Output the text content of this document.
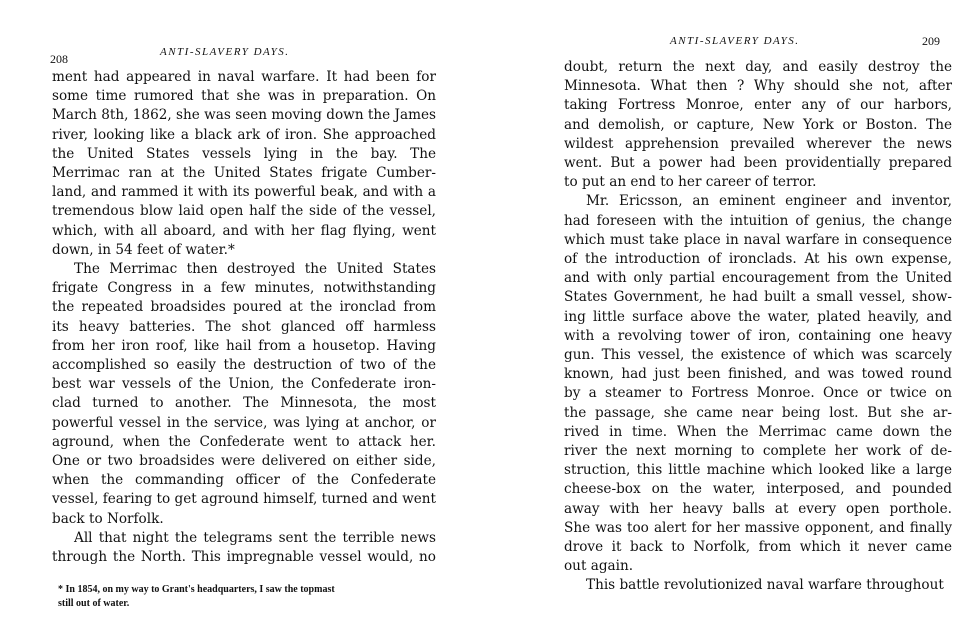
208	ANTI-SLAVERY DAYS.
ment had appeared in naval warfare. It had been for
some time rumored that she was in preparation. On
March 8th, 1862, she was seen moving down the James
river, looking like a black ark of iron. She approached
the United States vessels lying in the bay. The
Merrimac ran at the United States frigate Cumber-
land, and rammed it with its powerful beak, and with a
tremendous blow laid open half the side of the vessel,
which, with all aboard, and with her flag flying, went
down, in 54 feet of water.*
The Merrimac then destroyed the United States
frigate Congress in a few minutes, notwithstanding
the repeated broadsides poured at the ironclad from
its heavy batteries. The shot glanced off harmless
from her iron roof, like hail from a housetop. Having
accomplished so easily the destruction of two of the
best war vessels of the Union, the Confederate iron-
clad turned to another. The Minnesota, the most
powerful vessel in the service, was lying at anchor, or
aground, when the Confederate went to attack her.
One or two broadsides were delivered on either side,
when the commanding officer of the Confederate
vessel, fearing to get aground himself, turned and went
back to Norfolk.
All that night the telegrams sent the terrible news
through the North. This impregnable vessel would, no
* In 1854, on my way to Grant's headquarters, I saw the topmast
still out of water.
ANTI-SLAVERY DAYS.	209
doubt, return the next day, and easily destroy the
Minnesota. What then ? Why should she not, after
taking Fortress Monroe, enter any of our harbors,
and demolish, or capture, New York or Boston. The
wildest apprehension prevailed wherever the news
went. But a power had been providentially prepared
to put an end to her career of terror.
Mr. Ericsson, an eminent engineer and inventor,
had foreseen with the intuition of genius, the change
which must take place in naval warfare in consequence
of the introduction of ironclads. At his own expense,
and with only partial encouragement from the United
States Government, he had built a small vessel, show-
ing little surface above the water, plated heavily, and
with a revolving tower of iron, containing one heavy
gun. This vessel, the existence of which was scarcely
known, had just been finished, and was towed round
by a steamer to Fortress Monroe. Once or twice on
the passage, she came near being lost. But she ar-
rived in time. When the Merrimac came down the
river the next morning to complete her work of de-
struction, this little machine which looked like a large
cheese-box on the water, interposed, and pounded
away with her heavy balls at every open porthole.
She was too alert for her massive opponent, and finally
drove it back to Norfolk, from which it never came
out again.
This battle revolutionized naval warfare throughout
